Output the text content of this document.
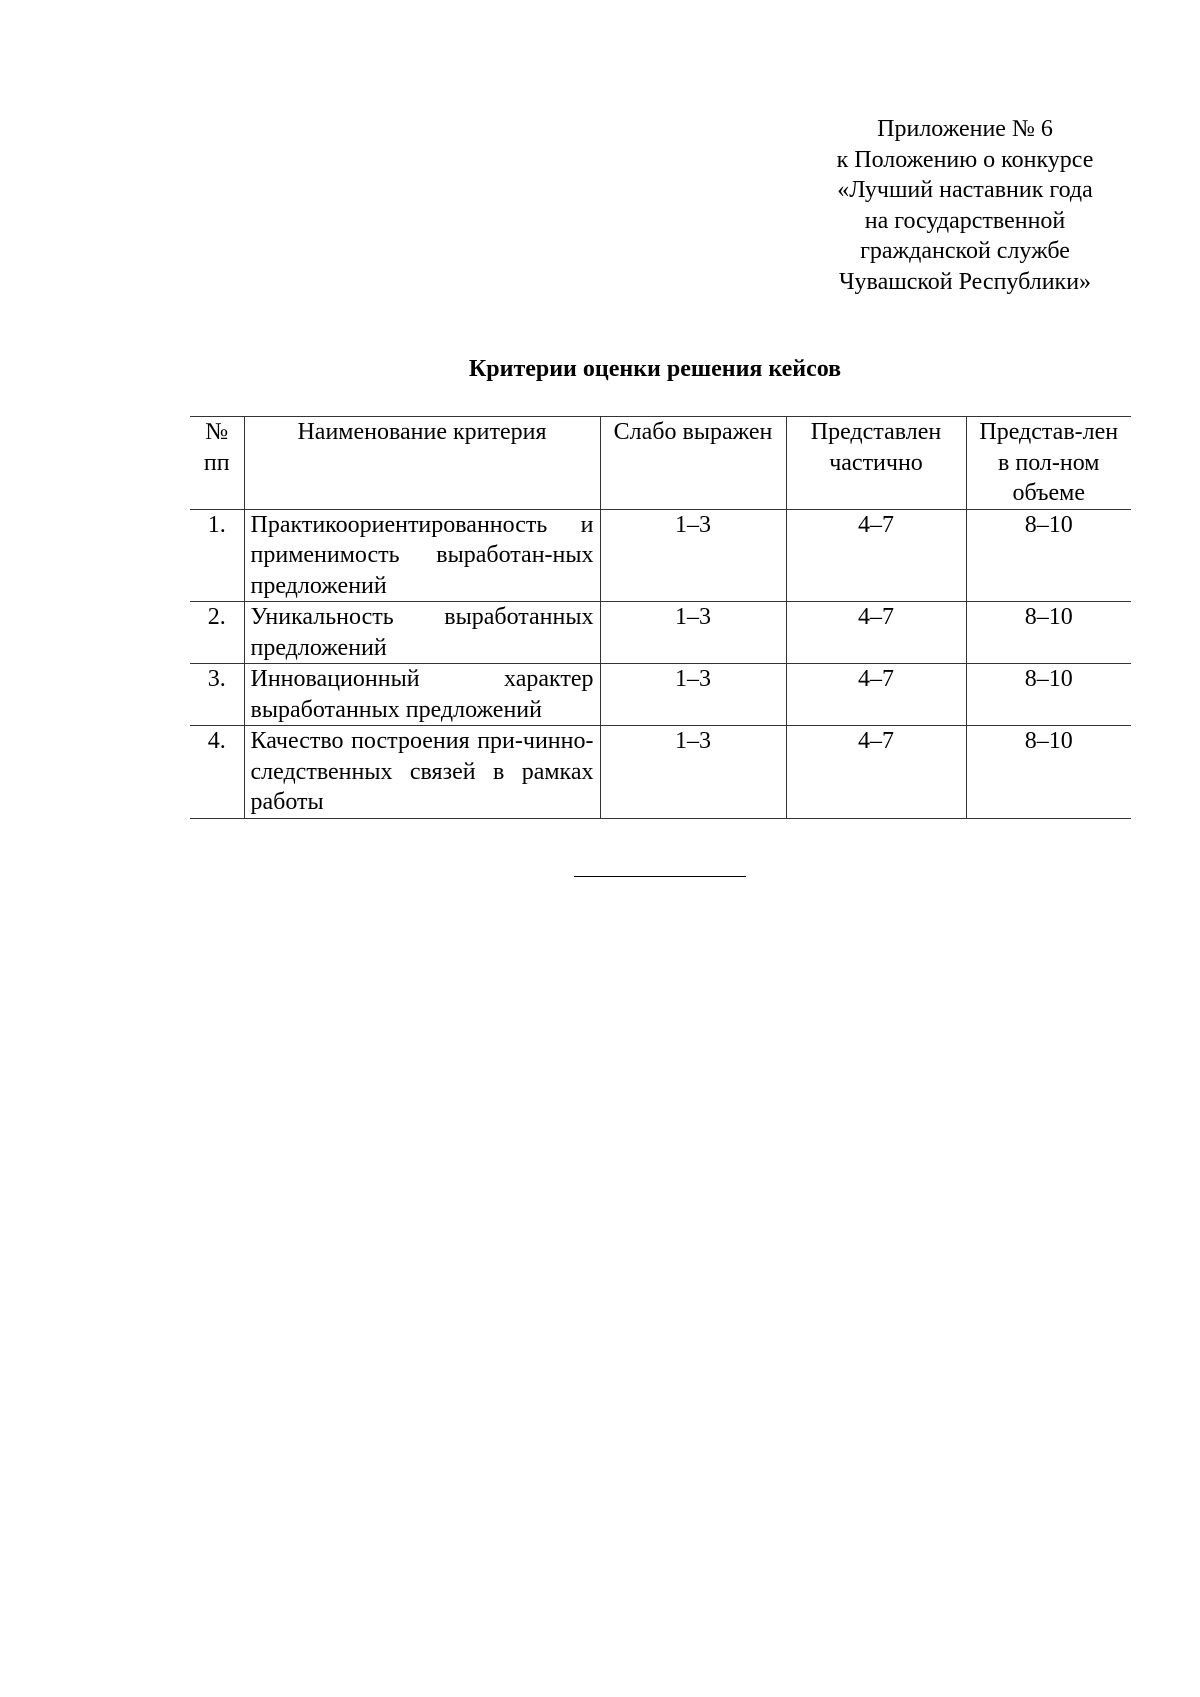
Приложение № 6
к Положению о конкурсе
«Лучший наставник года
на государственной
гражданской службе
Чувашской Республики»
Критерии оценки решения кейсов
№ пп	Наименование критерия	Слабо выражен	Представлен частично	Представ-лен в пол-ном объеме
1.	Практикоориентированность и применимость выработан-ных предложений	1–3	4–7	8–10
2.	Уникальность выработанных предложений	1–3	4–7	8–10
3.	Инновационный характер выработанных предложений	1–3	4–7	8–10
4.	Качество построения при-чинно-следственных связей в рамках работы	1–3	4–7	8–10
